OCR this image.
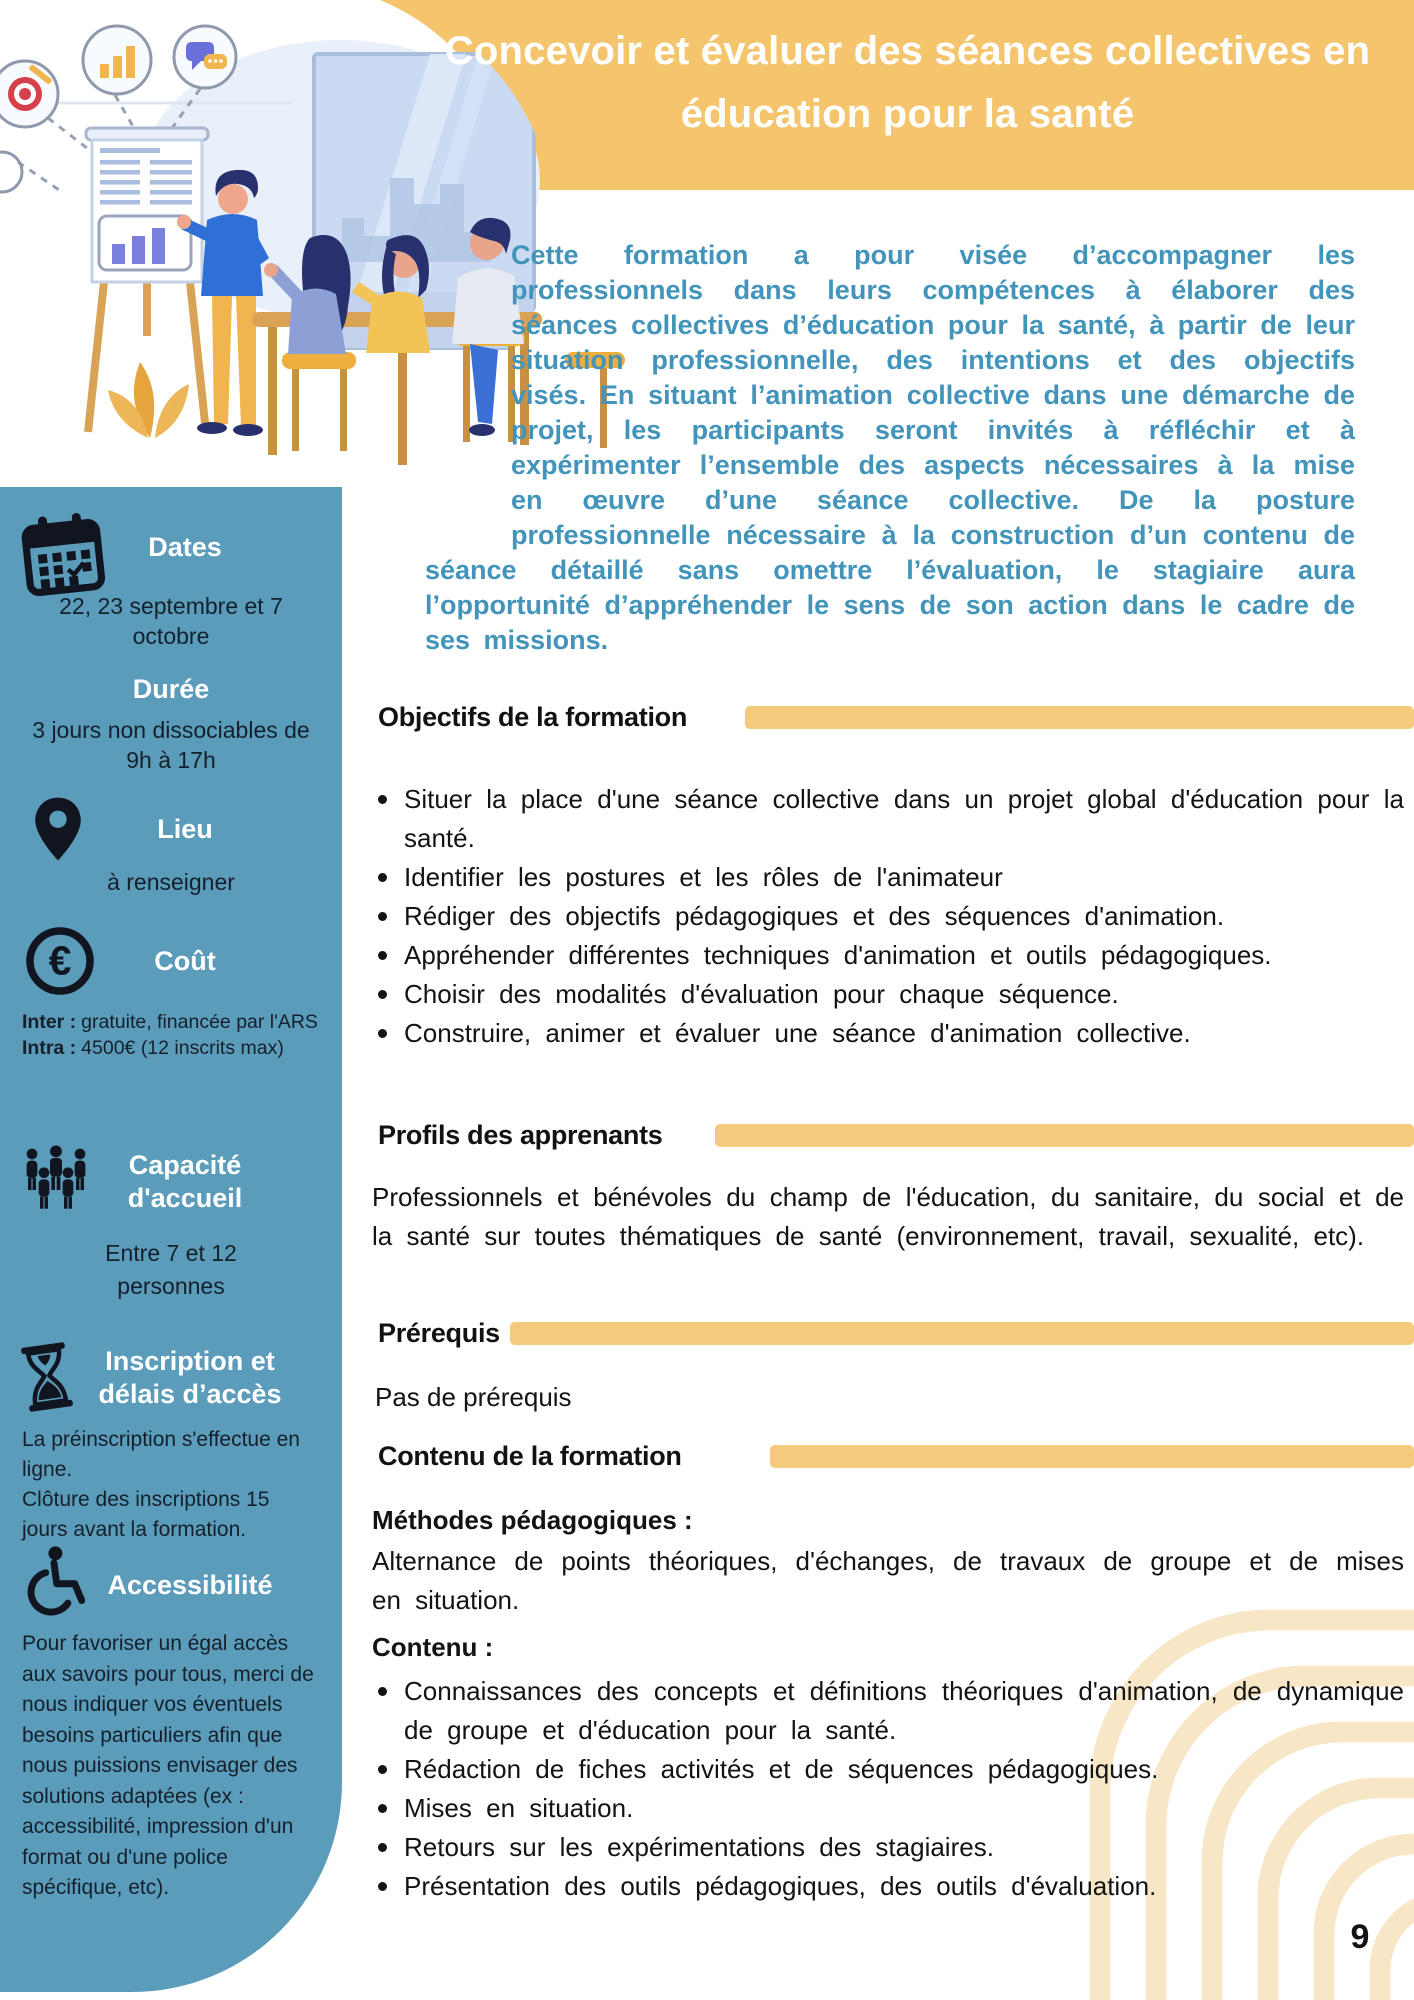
Concevoir et évaluer des séances collectives en éducation pour la santé

Cette formation a pour visée d’accompagner les professionnels dans leurs compétences à élaborer des séances collectives d’éducation pour la santé, à partir de leur situation professionnelle, des intentions et des objectifs visés. En situant l’animation collective dans une démarche de projet, les participants seront invités à réfléchir et à expérimenter l’ensemble des aspects nécessaires à la mise en œuvre d’une séance collective. De la posture professionnelle nécessaire à la construction d’un contenu de séance détaillé sans omettre l’évaluation, le stagiaire aura l’opportunité d’appréhender le sens de son action dans le cadre de ses missions.

Dates
22, 23 septembre et 7 octobre
Durée
3 jours non dissociables de 9h à 17h
Lieu
à renseigner
€	Coût

Inter : gratuite, financée par l'ARS

Intra : 4500€ (12 inscrits max)

Capacité d'accueil
Entre 7 et 12 personnes
Inscription et délais d’accès

La préinscription s'effectue en ligne.

Clôture des inscriptions 15 jours avant la formation.

Accessibilité
Pour favoriser un égal accès aux savoirs pour tous, merci de nous indiquer vos éventuels besoins particuliers afin que nous puissions envisager des solutions adaptées (ex : accessibilité, impression d'un format ou d'une police spécifique, etc).
Objectifs de la formation
Situer la place d'une séance collective dans un projet global d'éducation pour la santé.
Identifier les postures et les rôles de l'animateur
Rédiger des objectifs pédagogiques et des séquences d'animation.
Appréhender différentes techniques d'animation et outils pédagogiques.
Choisir des modalités d'évaluation pour chaque séquence.
Construire, animer et évaluer une séance d'animation collective.
Profils des apprenants

Professionnels et bénévoles du champ de l'éducation, du sanitaire, du social et de la santé sur toutes thématiques de santé (environnement, travail, sexualité, etc).

Prérequis

Pas de prérequis

Contenu de la formation

Méthodes pédagogiques :

Alternance de points théoriques, d'échanges, de travaux de groupe et de mises en situation.

Contenu :

Connaissances des concepts et définitions théoriques d'animation, de dynamique de groupe et d'éducation pour la santé.
Rédaction de fiches activités et de séquences pédagogiques.
Mises en situation.
Retours sur les expérimentations des stagiaires.
Présentation des outils pédagogiques, des outils d'évaluation.
9
